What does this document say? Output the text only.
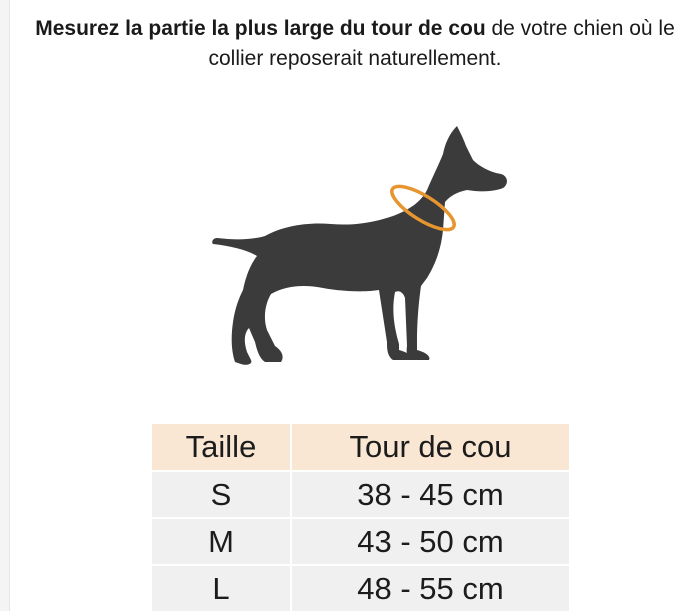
Mesurez la partie la plus large du tour de cou de votre chien où le collier reposerait naturellement.

Taille	Tour de cou
S	38 - 45 cm
M	43 - 50 cm
L	48 - 55 cm
